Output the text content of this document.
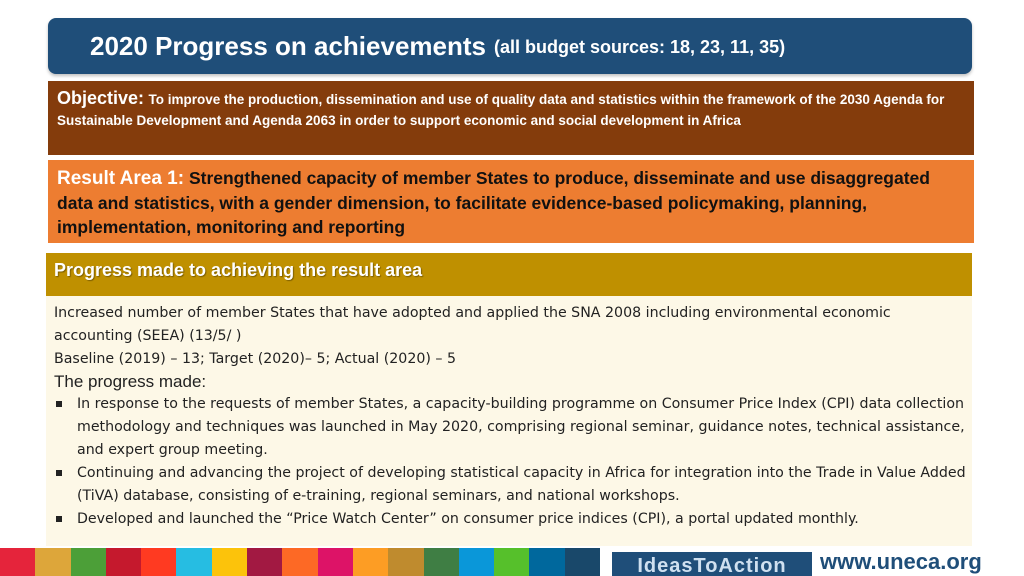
2020 Progress on achievements (all budget sources: 18, 23, 11, 35)
Objective: To improve the production, dissemination and use of quality data and statistics within the framework of the 2030 Agenda for Sustainable Development and Agenda 2063 in order to support economic and social development in Africa
Result Area 1: Strengthened capacity of member States to produce, disseminate and use disaggregated data and statistics, with a gender dimension, to facilitate evidence-based policymaking, planning, implementation, monitoring and reporting
Progress made to achieving the result area

Increased number of member States that have adopted and applied the SNA 2008 including environmental economic accounting (SEEA) (13/5/ )

Baseline (2019) – 13; Target (2020)– 5; Actual (2020) – 5

The progress made:

In response to the requests of member States, a capacity-building programme on Consumer Price Index (CPI) data collection methodology and techniques was launched in May 2020, comprising regional seminar, guidance notes, technical assistance, and expert group meeting.
Continuing and advancing the project of developing statistical capacity in Africa for integration into the Trade in Value Added (TiVA) database, consisting of e-training, regional seminars, and national workshops.
Developed and launched the “Price Watch Center” on consumer price indices (CPI), a portal updated monthly.
IdeasToAction	www.uneca.org
